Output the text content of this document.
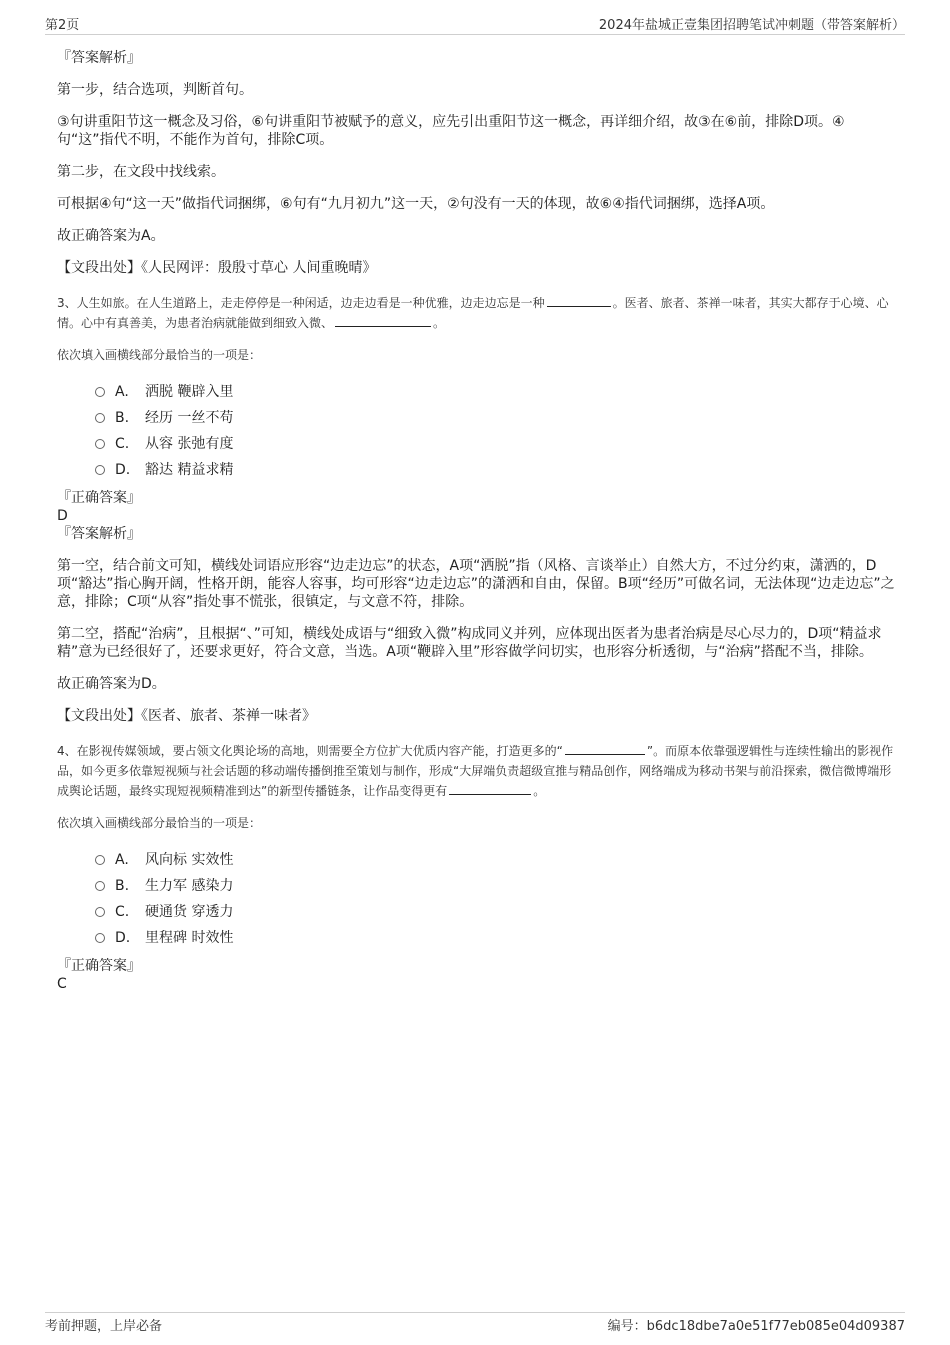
第2页	2024年盐城正壹集团招聘笔试冲刺题（带答案解析）
『答案解析』

第一步，结合选项，判断首句。

③句讲重阳节这一概念及习俗，⑥句讲重阳节被赋予的意义，应先引出重阳节这一概念，再详细介绍，故③在⑥前，排除D项。④句“这”指代不明，不能作为首句，排除C项。

第二步，在文段中找线索。

可根据④句“这一天”做指代词捆绑，⑥句有“九月初九”这一天，②句没有一天的体现，故⑥④指代词捆绑，选择A项。

故正确答案为A。

【文段出处】《人民网评：殷殷寸草心 人间重晚晴》

3、人生如旅。在人生道路上，走走停停是一种闲适，边走边看是一种优雅，边走边忘是一种	。医者、旅者、茶禅一味者，其实大都存于心境、心情。心中有真善美，为患者治病就能做到细致入微、	。

依次填入画横线部分最恰当的一项是：

A. 洒脱 鞭辟入里
B. 经历 一丝不苟
C. 从容 张弛有度
D. 豁达 精益求精
『正确答案』
D
『答案解析』

第一空，结合前文可知，横线处词语应形容“边走边忘”的状态，A项“洒脱”指（风格、言谈举止）自然大方，不过分约束，潇洒的，D项“豁达”指心胸开阔，性格开朗，能容人容事，均可形容“边走边忘”的潇洒和自由，保留。B项“经历”可做名词，无法体现“边走边忘”之意，排除；C项“从容”指处事不慌张，很镇定，与文意不符，排除。

第二空，搭配“治病”，且根据“、”可知，横线处成语与“细致入微”构成同义并列，应体现出医者为患者治病是尽心尽力的，D项“精益求精”意为已经很好了，还要求更好，符合文意，当选。A项“鞭辟入里”形容做学问切实，也形容分析透彻，与“治病”搭配不当，排除。

故正确答案为D。

【文段出处】《医者、旅者、茶禅一味者》

4、在影视传媒领域，要占领文化舆论场的高地，则需要全方位扩大优质内容产能，打造更多的“	”。而原本依靠强逻辑性与连续性输出的影视作品，如今更多依靠短视频与社会话题的移动端传播倒推至策划与制作，形成“大屏端负责超级宣推与精品创作，网络端成为移动书架与前沿探索，微信微博端形成舆论话题，最终实现短视频精准到达”的新型传播链条，让作品变得更有	。

依次填入画横线部分最恰当的一项是：

A. 风向标 实效性
B. 生力军 感染力
C. 硬通货 穿透力
D. 里程碑 时效性
『正确答案』
C
考前押题，上岸必备	编号：b6dc18dbe7a0e51f77eb085e04d09387
